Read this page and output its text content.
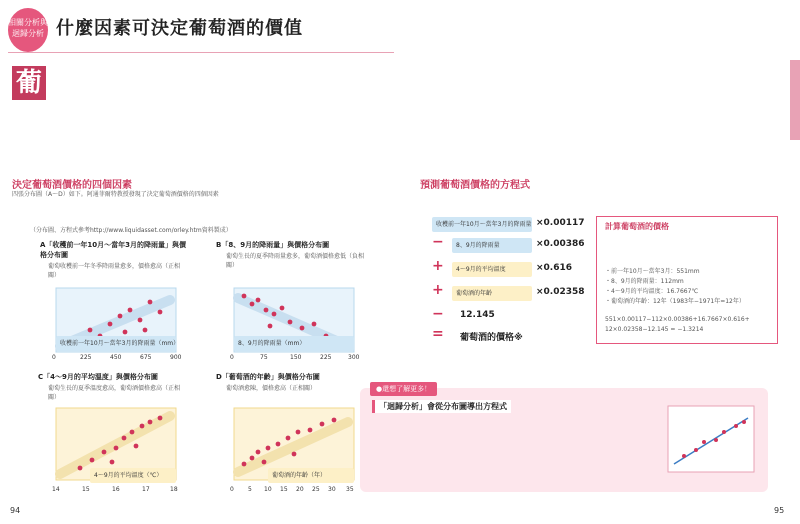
相關分析與迴歸分析 什麼因素可決定葡萄酒的價值
葡
決定葡萄酒價格的四個因素
四張分布圖（A〜D）如下。阿通菲爾特教授發現了決定葡萄酒價格的四個因素
（分布圖、方程式參考http://www.liquidasset.com/orley.htm資料製成）
A「收穫前一年10月～當年3月的降雨量」與價格分布圖
葡萄收穫前一年冬季降雨量愈多，價格愈高（正相關）
收穫前一年10月～當年3月的降雨量（mm）
0	225	450	675	900
B「8、9月的降雨量」與價格分布圖
葡萄生長的夏季降雨量愈多，葡萄酒價格愈低（負相關）
8、9月的降雨量（mm）
0	75	150	225	300
C「4～9月的平均溫度」與價格分布圖
葡萄生長的夏季溫度愈高，葡萄酒價格愈高（正相關）
4～9月的平均溫度（℃）
14	15	16	17	18
D「葡萄酒的年齡」與價格分布圖
葡萄酒愈陳，價格愈高（正相關）
葡萄酒的年齡（年）
0 5 10 15 20 25 30 35
預測葡萄酒價格的方程式
收穫前一年10月～當年3月的降雨量 ×0.00117
−	8、9月的降雨量	×0.00386
+	4～9月的平均溫度	×0.616
+	葡萄酒的年齡	×0.02358
− 12.145
= 葡萄酒的價格※
計算葡萄酒的價格
・前一年10月～當年3月：551mm
・8、9月的降雨量：112mm
・4～9月的平均溫度：16.7667℃
・葡萄酒的年齡：12年（1983年−1971年=12年）
551×0.00117−112×0.00386+16.7667×0.616+
12×0.02358−12.145 = −1.3214
●還想了解更多！
「迴歸分析」會從分布圖導出方程式
94	95
